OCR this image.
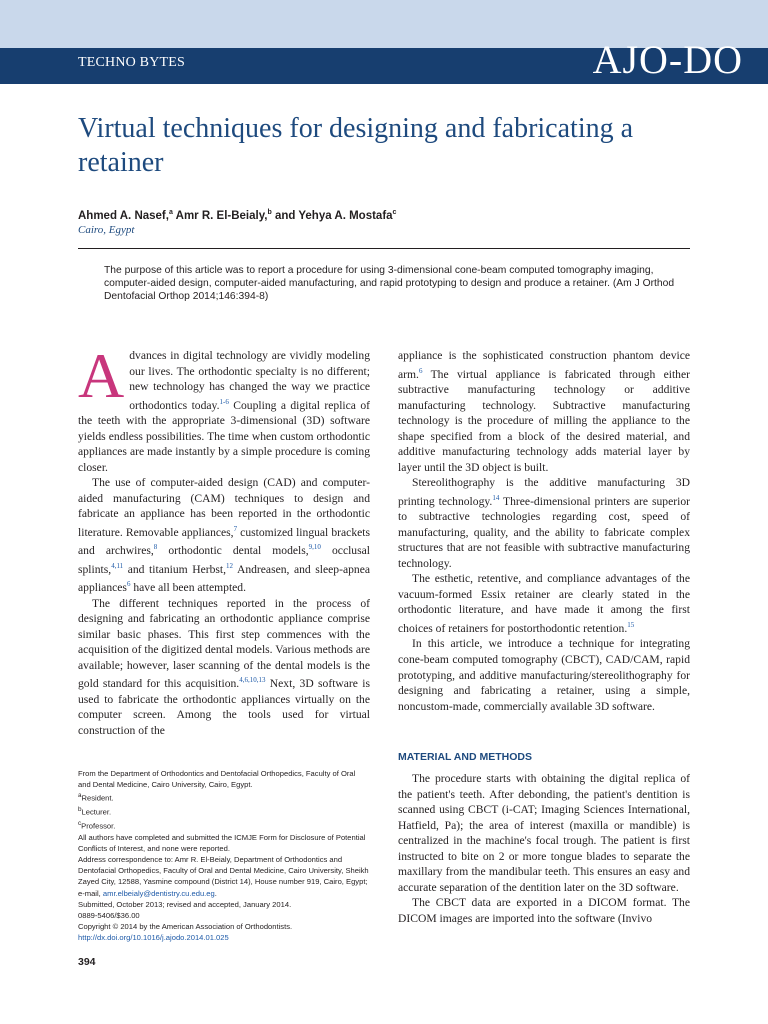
TECHNO BYTES	AJO-DO
Virtual techniques for designing and fabricating a retainer
Ahmed A. Nasef,$^a$ Amr R. El-Beialy,$^b$ and Yehya A. Mostafa$^c$
Cairo, Egypt

The purpose of this article was to report a procedure for using 3-dimensional cone-beam computed tomography imaging, computer-aided design, computer-aided manufacturing, and rapid prototyping to design and produce a retainer. (Am J Orthod Dentofacial Orthop 2014;146:394-8)

Advances in digital technology are vividly modeling our lives. The orthodontic specialty is no different; new technology has changed the way we practice orthodontics today.$^{1-6}$ Coupling a digital replica of the teeth with the appropriate 3-dimensional (3D) software yields endless possibilities. The time when custom orthodontic appliances are made instantly by a simple procedure is coming closer.

The use of computer-aided design (CAD) and computer-aided manufacturing (CAM) techniques to design and fabricate an appliance has been reported in the orthodontic literature. Removable appliances,$^7$ customized lingual brackets and archwires,$^8$ orthodontic dental models,$^{9,10}$ occlusal splints,$^{4,11}$ and titanium Herbst,$^{12}$ Andreasen, and sleep-apnea appliances$^6$ have all been attempted.

The different techniques reported in the process of designing and fabricating an orthodontic appliance comprise similar basic phases. This first step commences with the acquisition of the digitized dental models. Various methods are available; however, laser scanning of the dental models is the gold standard for this acquisition.$^{4,6,10,13}$ Next, 3D software is used to fabricate the orthodontic appliances virtually on the computer screen. Among the tools used for virtual construction of the

appliance is the sophisticated construction phantom device arm.$^6$ The virtual appliance is fabricated through either subtractive manufacturing technology or additive manufacturing technology. Subtractive manufacturing technology is the procedure of milling the appliance to the shape specified from a block of the desired material, and additive manufacturing technology adds material layer by layer until the 3D object is built.

Stereolithography is the additive manufacturing 3D printing technology.$^{14}$ Three-dimensional printers are superior to subtractive technologies regarding cost, speed of manufacturing, quality, and the ability to fabricate complex structures that are not feasible with subtractive manufacturing technology.

The esthetic, retentive, and compliance advantages of the vacuum-formed Essix retainer are clearly stated in the orthodontic literature, and have made it among the first choices of retainers for postorthodontic retention.$^{15}$

In this article, we introduce a technique for integrating cone-beam computed tomography (CBCT), CAD/CAM, rapid prototyping, and additive manufacturing/stereolithography for designing and fabricating a retainer, using a simple, noncustom-made, commercially available 3D software.

MATERIAL AND METHODS

The procedure starts with obtaining the digital replica of the patient's teeth. After debonding, the patient's dentition is scanned using CBCT (i-CAT; Imaging Sciences International, Hatfield, Pa); the area of interest (maxilla or mandible) is centralized in the machine's focal trough. The patient is first instructed to bite on 2 or more tongue blades to separate the maxillary from the mandibular teeth. This ensures an easy and accurate separation of the dentition later on the 3D software.

The CBCT data are exported in a DICOM format. The DICOM images are imported into the software (Invivo

From the Department of Orthodontics and Dentofacial Orthopedics, Faculty of Oral and Dental Medicine, Cairo University, Cairo, Egypt.
$^a$Resident.
$^b$Lecturer.
$^c$Professor.
All authors have completed and submitted the ICMJE Form for Disclosure of Potential Conflicts of Interest, and none were reported.
Address correspondence to: Amr R. El-Beialy, Department of Orthodontics and Dentofacial Orthopedics, Faculty of Oral and Dental Medicine, Cairo University, Sheikh Zayed City, 12588, Yasmine compound (District 14), House number 919, Cairo, Egypt; e-mail, amr.elbeialy@dentistry.cu.edu.eg.
Submitted, October 2013; revised and accepted, January 2014.
0889-5406/$36.00
Copyright © 2014 by the American Association of Orthodontists.
http://dx.doi.org/10.1016/j.ajodo.2014.01.025
394
